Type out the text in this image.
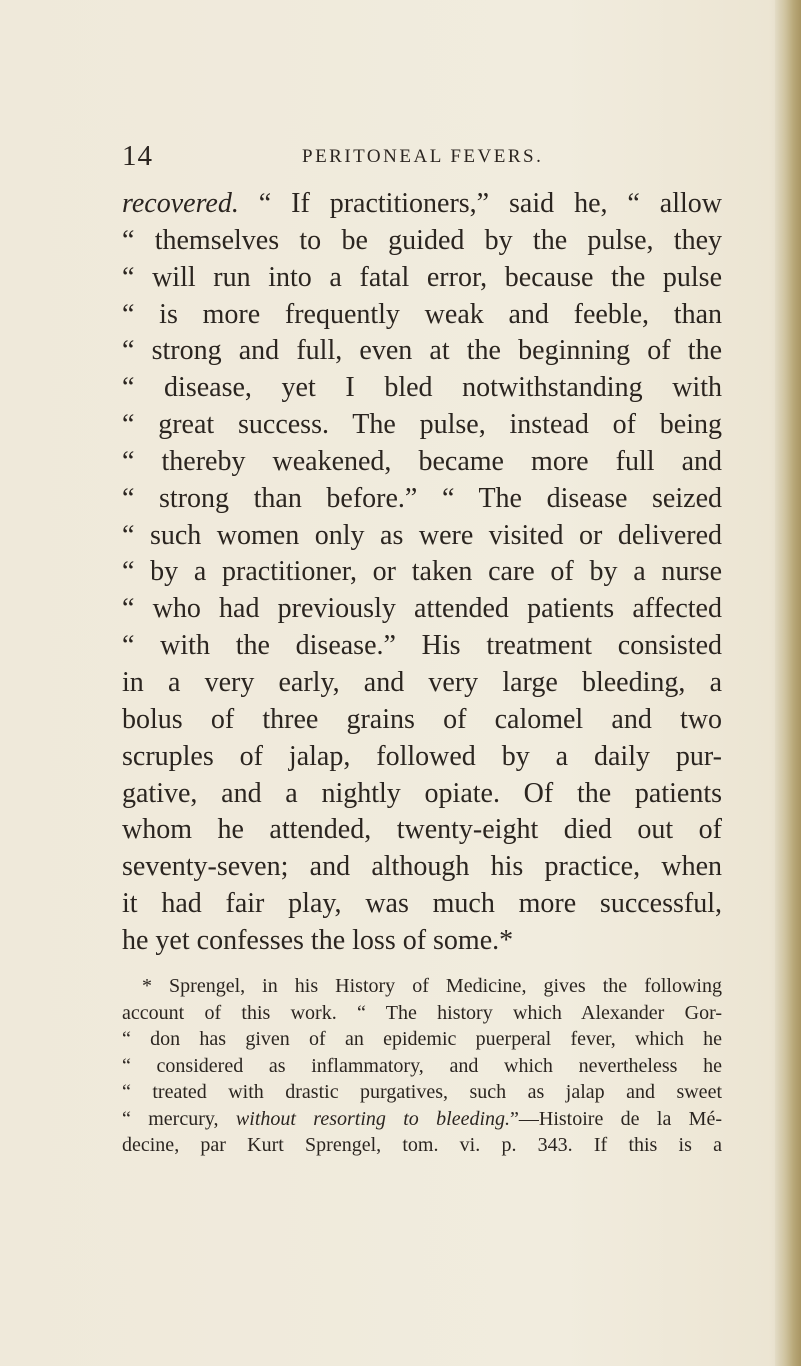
14	PERITONEAL FEVERS.
recovered. “ If practitioners,” said he, “ allow
“ themselves to be guided by the pulse, they
“ will run into a fatal error, because the pulse
“ is more frequently weak and feeble, than
“ strong and full, even at the beginning of the
“ disease, yet I bled notwithstanding with
“ great success. The pulse, instead of being
“ thereby weakened, became more full and
“ strong than before.” “ The disease seized
“ such women only as were visited or delivered
“ by a practitioner, or taken care of by a nurse
“ who had previously attended patients affected
“ with the disease.” His treatment consisted
in a very early, and very large bleeding, a
bolus of three grains of calomel and two
scruples of jalap, followed by a daily pur-
gative, and a nightly opiate. Of the patients
whom he attended, twenty-eight died out of
seventy-seven; and although his practice, when
it had fair play, was much more successful,
he yet confesses the loss of some.*
* Sprengel, in his History of Medicine, gives the following
account of this work. “ The history which Alexander Gor-
“ don has given of an epidemic puerperal fever, which he
“ considered as inflammatory, and which nevertheless he
“ treated with drastic purgatives, such as jalap and sweet
“ mercury, without resorting to bleeding.”—Histoire de la Mé-
decine, par Kurt Sprengel, tom. vi. p. 343. If this is a
